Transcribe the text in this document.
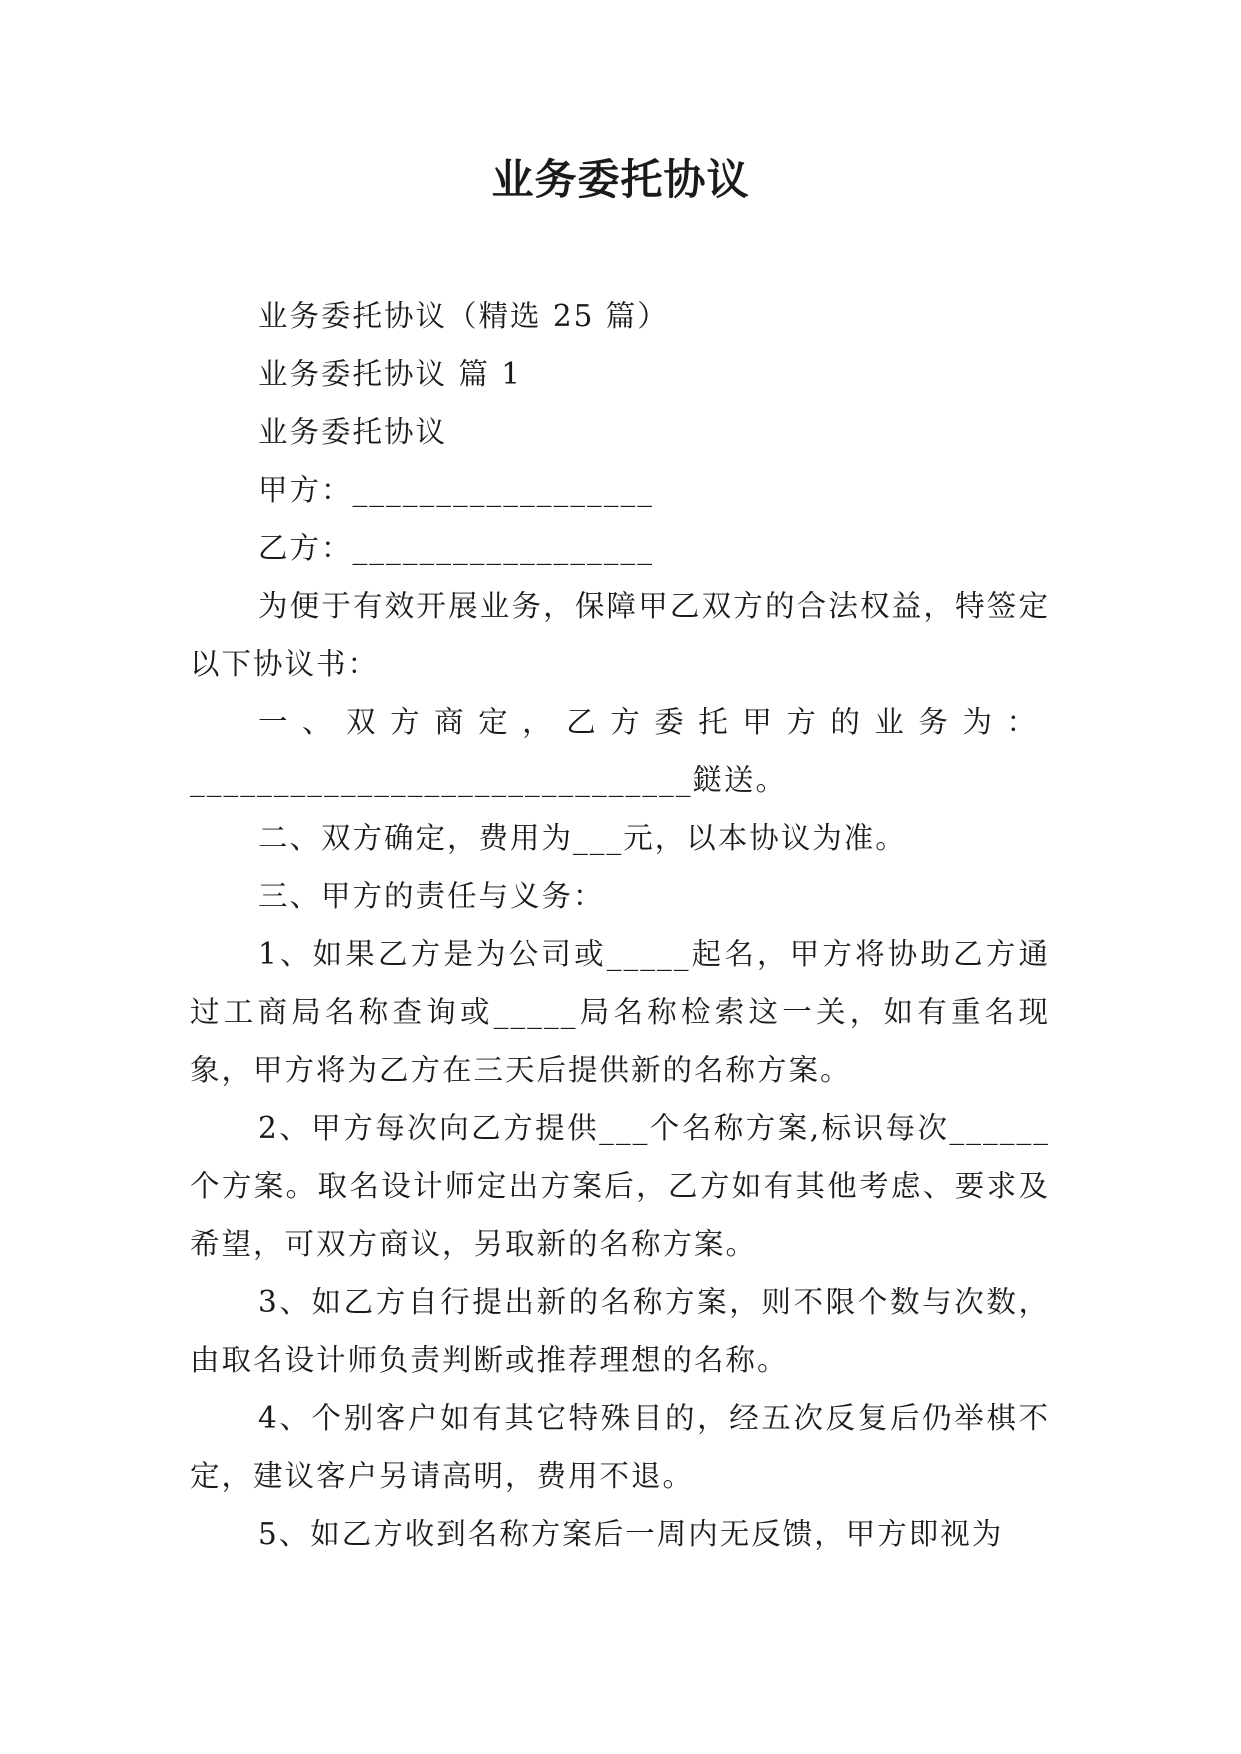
业务委托协议

业务委托协议（精选 25 篇）

业务委托协议 篇 1

业务委托协议

甲方：__________________

乙方：__________________

为便于有效开展业务，保障甲乙双方的合法权益，特签定以下协议书：

一、双方商定，乙方委托甲方的业务为：

______________________________鎹送。

二、双方确定，费用为___元，以本协议为准。

三、甲方的责任与义务：

1、如果乙方是为公司或_____起名，甲方将协助乙方通过工商局名称查询或_____局名称检索这一关，如有重名现象，甲方将为乙方在三天后提供新的名称方案。

2、甲方每次向乙方提供___个名称方案,标识每次______个方案。取名设计师定出方案后，乙方如有其他考虑、要求及希望，可双方商议，另取新的名称方案。

3、如乙方自行提出新的名称方案，则不限个数与次数，由取名设计师负责判断或推荐理想的名称。

4、个别客户如有其它特殊目的，经五次反复后仍举棋不定，建议客户另请高明，费用不退。

5、如乙方收到名称方案后一周内无反馈，甲方即视为
